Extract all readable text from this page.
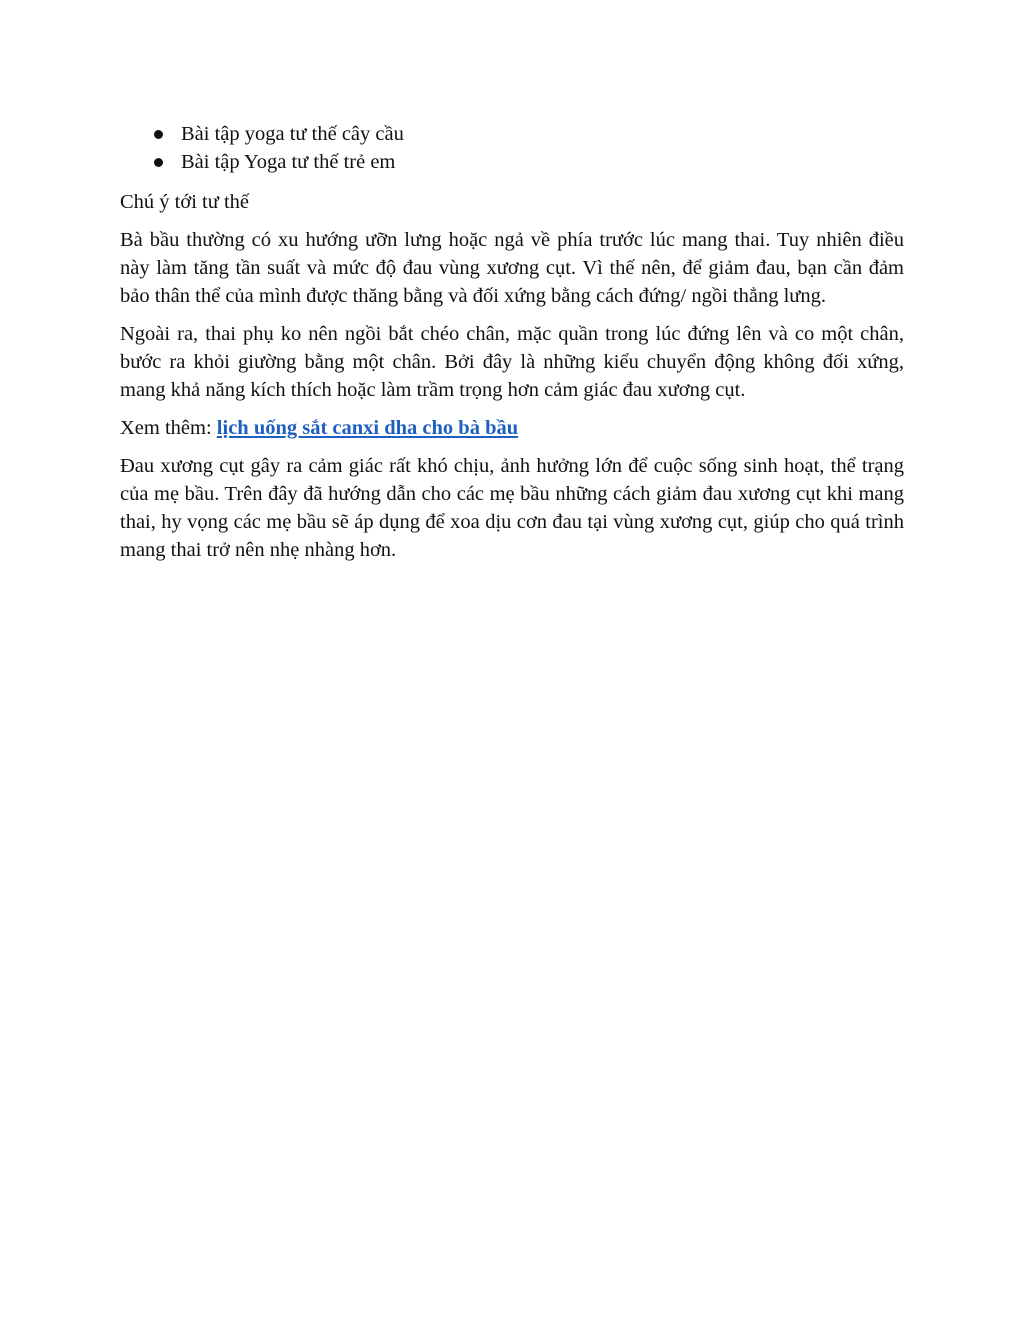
Bài tập yoga tư thế cây cầu
Bài tập Yoga tư thế trẻ em

Chú ý tới tư thế

Bà bầu thường có xu hướng ưỡn lưng hoặc ngả về phía trước lúc mang thai. Tuy nhiên điều này làm tăng tần suất và mức độ đau vùng xương cụt. Vì thế nên, để giảm đau, bạn cần đảm bảo thân thể của mình được thăng bằng và đối xứng bằng cách đứng/ ngồi thẳng lưng.

Ngoài ra, thai phụ ko nên ngồi bắt chéo chân, mặc quần trong lúc đứng lên và co một chân, bước ra khỏi giường bằng một chân. Bởi đây là những kiểu chuyển động không đối xứng, mang khả năng kích thích hoặc làm trầm trọng hơn cảm giác đau xương cụt.

Xem thêm: lịch uống sắt canxi dha cho bà bầu

Đau xương cụt gây ra cảm giác rất khó chịu, ảnh hưởng lớn để cuộc sống sinh hoạt, thể trạng của mẹ bầu. Trên đây đã hướng dẫn cho các mẹ bầu những cách giảm đau xương cụt khi mang thai, hy vọng các mẹ bầu sẽ áp dụng để xoa dịu cơn đau tại vùng xương cụt, giúp cho quá trình mang thai trở nên nhẹ nhàng hơn.
